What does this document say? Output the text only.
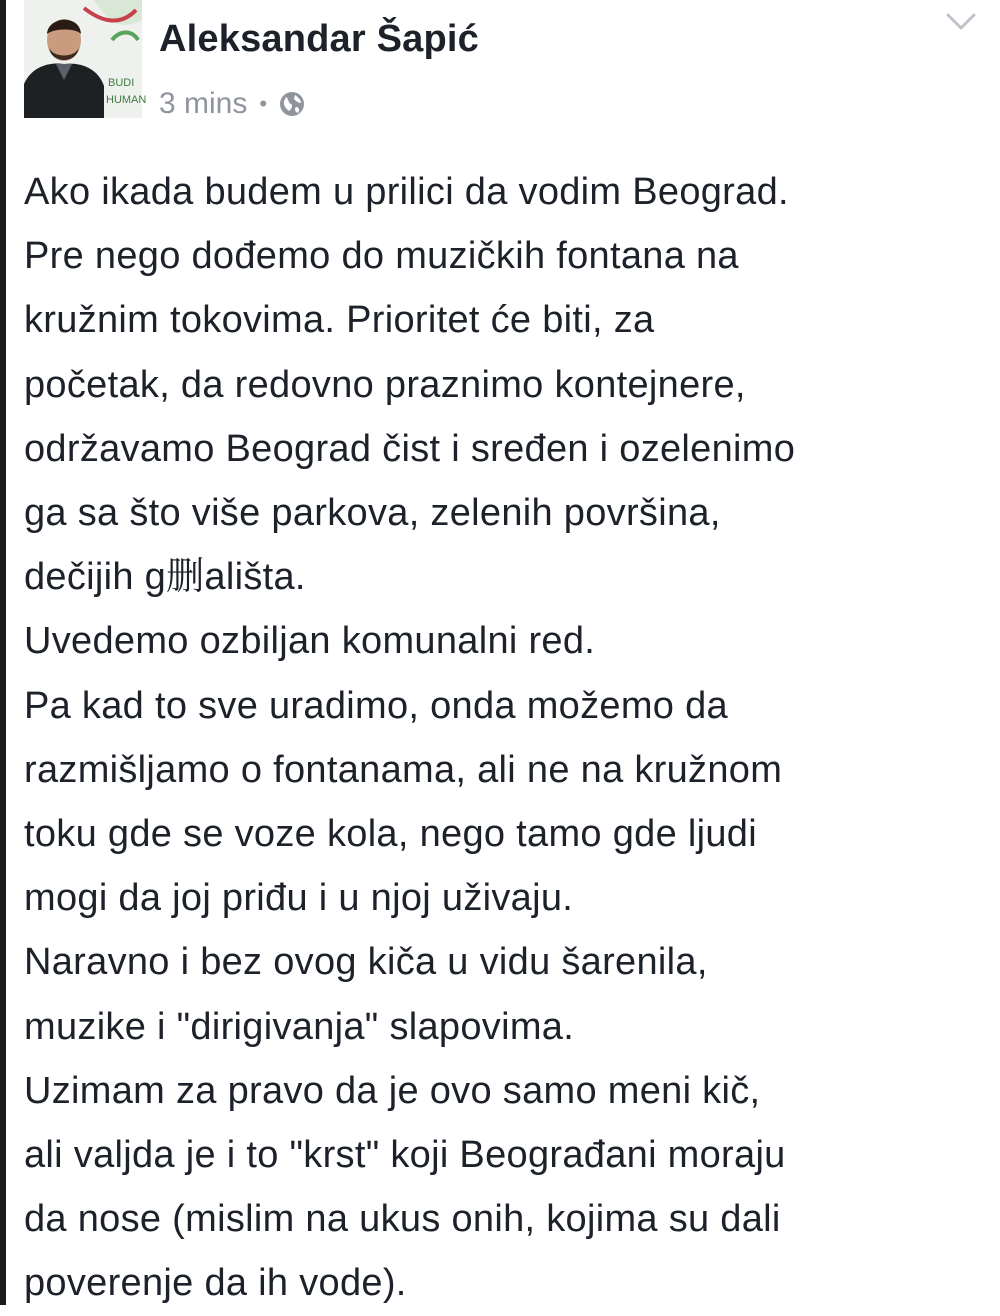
BUDI
HUMAN
Aleksandar Šapić
3 mins •
Ako ikada budem u prilici da vodim Beograd.
Pre nego dođemo do muzičkih fontana na
kružnim tokovima. Prioritet će biti, za
početak, da redovno praznimo kontejnere,
održavamo Beograd čist i sređen i ozelenimo
ga sa što više parkova, zelenih površina,
dečijih g删ališta.
Uvedemo ozbiljan komunalni red.
Pa kad to sve uradimo, onda možemo da
razmišljamo o fontanama, ali ne na kružnom
toku gde se voze kola, nego tamo gde ljudi
mogi da joj priđu i u njoj uživaju.
Naravno i bez ovog kiča u vidu šarenila,
muzike i "dirigivanja" slapovima.
Uzimam za pravo da je ovo samo meni kič,
ali valjda je i to "krst" koji Beograđani moraju
da nose (mislim na ukus onih, kojima su dali
poverenje da ih vode).
